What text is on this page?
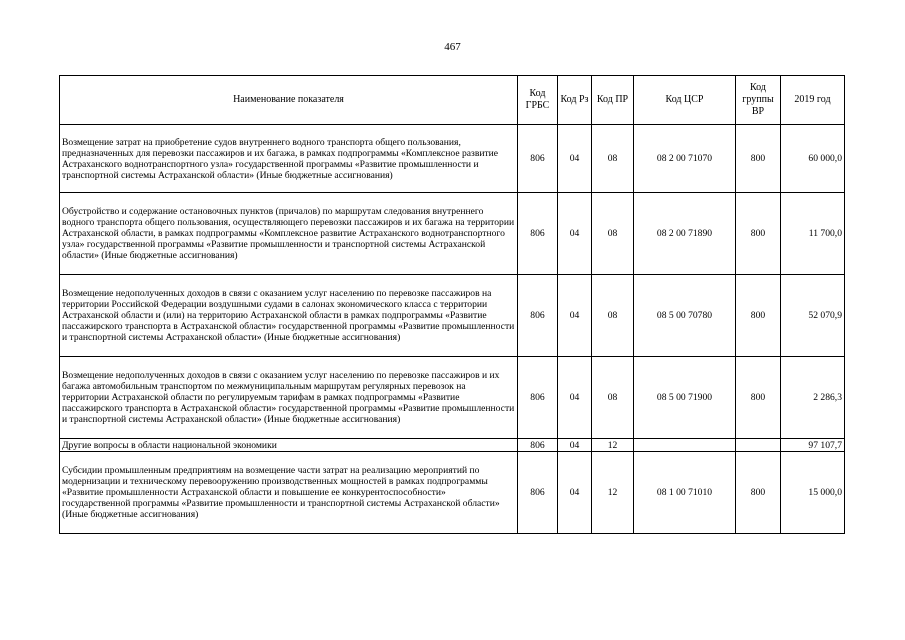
467
Наименование показателя	Код ГРБС	Код Рз	Код ПР	Код ЦСР	Код группы ВР	2019 год
Возмещение затрат на приобретение судов внутреннего водного транспорта общего пользования, предназначенных для перевозки пассажиров и их багажа, в рамках подпрограммы «Комплексное развитие Астраханского воднотранспортного узла» государственной программы «Развитие промышленности и транспортной системы Астраханской области» (Иные бюджетные ассигнования)	806	04	08	08 2 00 71070	800	60 000,0
Обустройство и содержание остановочных пунктов (причалов) по маршрутам следования внутреннего водного транспорта общего пользования, осуществляющего перевозки пассажиров и их багажа на территории Астраханской области, в рамках подпрограммы «Комплексное развитие Астраханского воднотранспортного узла» государственной программы «Развитие промышленности и транспортной системы Астраханской области» (Иные бюджетные ассигнования)	806	04	08	08 2 00 71890	800	11 700,0
Возмещение недополученных доходов в связи с оказанием услуг населению по перевозке пассажиров на территории Российской Федерации воздушными судами в салонах экономического класса с территории Астраханской области и (или) на территорию Астраханской области в рамках подпрограммы «Развитие пассажирского транспорта в Астраханской области» государственной программы «Развитие промышленности и транспортной системы Астраханской области» (Иные бюджетные ассигнования)	806	04	08	08 5 00 70780	800	52 070,9
Возмещение недополученных доходов в связи с оказанием услуг населению по перевозке пассажиров и их багажа автомобильным транспортом по межмуниципальным маршрутам регулярных перевозок на территории Астраханской области по регулируемым тарифам в рамках подпрограммы «Развитие пассажирского транспорта в Астраханской области» государственной программы «Развитие промышленности и транспортной системы Астраханской области» (Иные бюджетные ассигнования)	806	04	08	08 5 00 71900	800	2 286,3
Другие вопросы в области национальной экономики	806	04	12			97 107,7
Субсидии промышленным предприятиям на возмещение части затрат на реализацию мероприятий по модернизации и техническому перевооружению производственных мощностей в рамках подпрограммы «Развитие промышленности Астраханской области и повышение ее конкурентоспособности» государственной программы «Развитие промышленности и транспортной системы Астраханской области» (Иные бюджетные ассигнования)	806	04	12	08 1 00 71010	800	15 000,0
